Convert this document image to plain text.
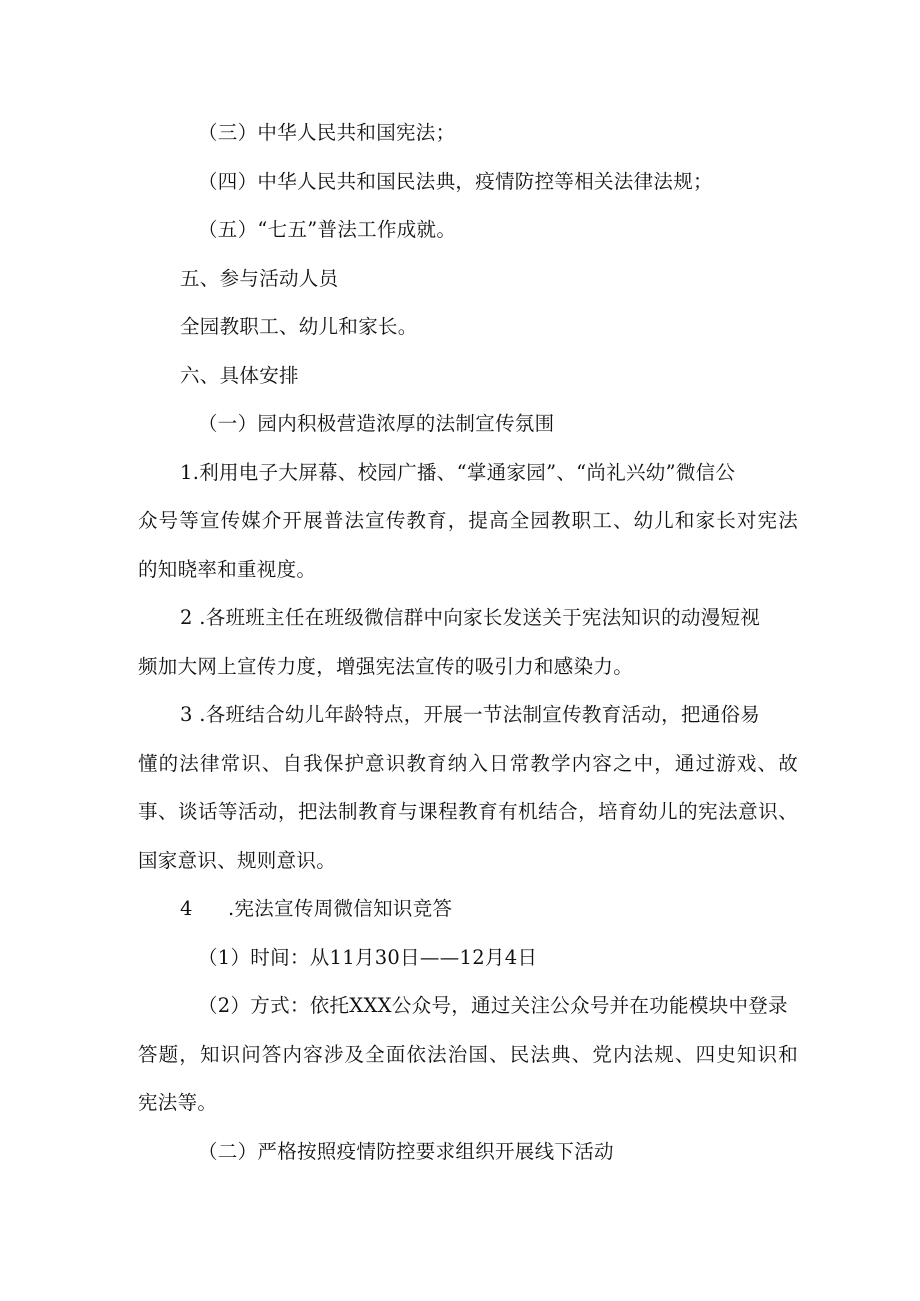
（三）中华人民共和国宪法；
（四）中华人民共和国民法典，疫情防控等相关法律法规；
（五）“七五”普法工作成就。
五、参与活动人员
全园教职工、幼儿和家长。
六、具体安排
（一）园内积极营造浓厚的法制宣传氛围
1.利用电子大屏幕、校园广播、“掌通家园”、“尚礼兴幼”微信公
众号等宣传媒介开展普法宣传教育，提高全园教职工、幼儿和家长对宪法
的知晓率和重视度。
2 .各班班主任在班级微信群中向家长发送关于宪法知识的动漫短视
频加大网上宣传力度，增强宪法宣传的吸引力和感染力。
3 .各班结合幼儿年龄特点，开展一节法制宣传教育活动，把通俗易
懂的法律常识、自我保护意识教育纳入日常教学内容之中，通过游戏、故
事、谈话等活动，把法制教育与课程教育有机结合，培育幼儿的宪法意识、
国家意识、规则意识。
4 .宪法宣传周微信知识竞答
（1）时间：从11月30日——12月4日
（2）方式：依托XXX公众号，通过关注公众号并在功能模块中登录
答题，知识问答内容涉及全面依法治国、民法典、党内法规、四史知识和
宪法等。
（二）严格按照疫情防控要求组织开展线下活动
